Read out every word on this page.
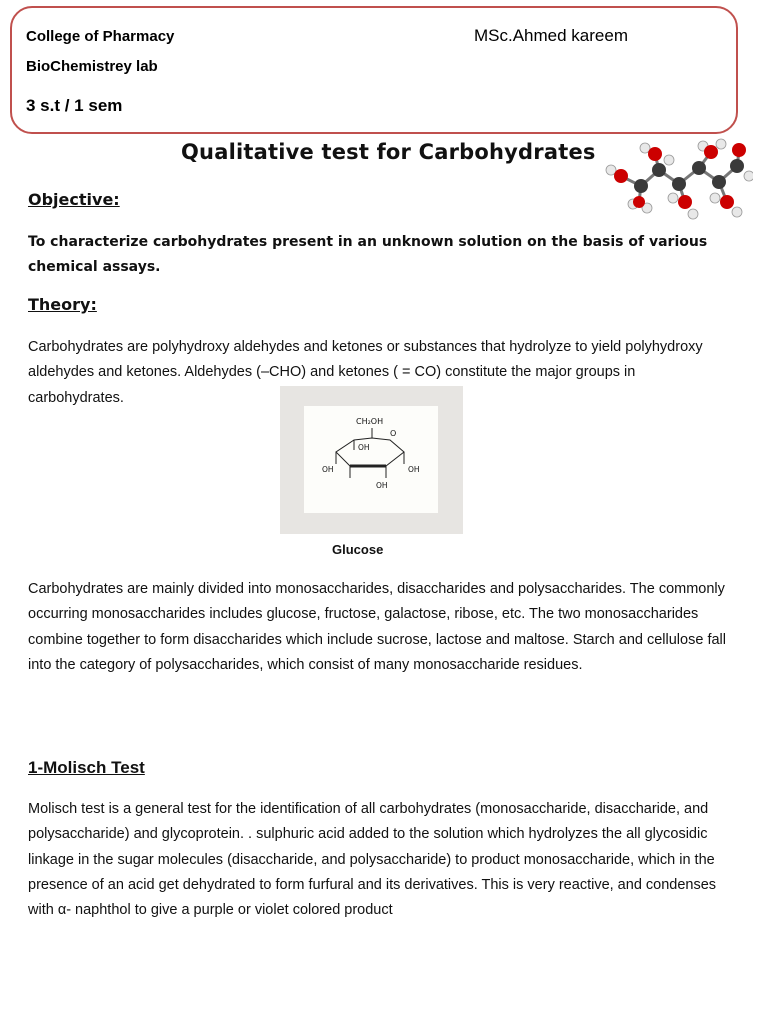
College of Pharmacy
BioChemistrey lab
3 s.t / 1 sem
MSc.Ahmed kareem
Qualitative test for Carbohydrates
Objective:
To characterize carbohydrates present in an unknown solution on the basis of various chemical assays.
Theory:
Carbohydrates are polyhydroxy aldehydes and ketones or substances that hydrolyze to yield polyhydroxy aldehydes and ketones. Aldehydes (–CHO) and ketones ( = CO) constitute the major groups in carbohydrates.
CH₂OH
O
OH
OH	OH
OH
Glucose
Carbohydrates are mainly divided into monosaccharides, disaccharides and polysaccharides. The commonly occurring monosaccharides includes glucose, fructose, galactose, ribose, etc. The two monosaccharides combine together to form disaccharides which include sucrose, lactose and maltose. Starch and cellulose fall into the category of polysaccharides, which consist of many monosaccharide residues.
1-Molisch Test
Molisch test is a general test for the identification of all carbohydrates (monosaccharide, disaccharide, and polysaccharide) and glycoprotein. . sulphuric acid added to the solution which hydrolyzes the all glycosidic linkage in the sugar molecules (disaccharide, and polysaccharide) to product monosaccharide, which in the presence of an acid get dehydrated to form furfural and its derivatives. This is very reactive, and condenses with α- naphthol to give a purple or violet colored product
